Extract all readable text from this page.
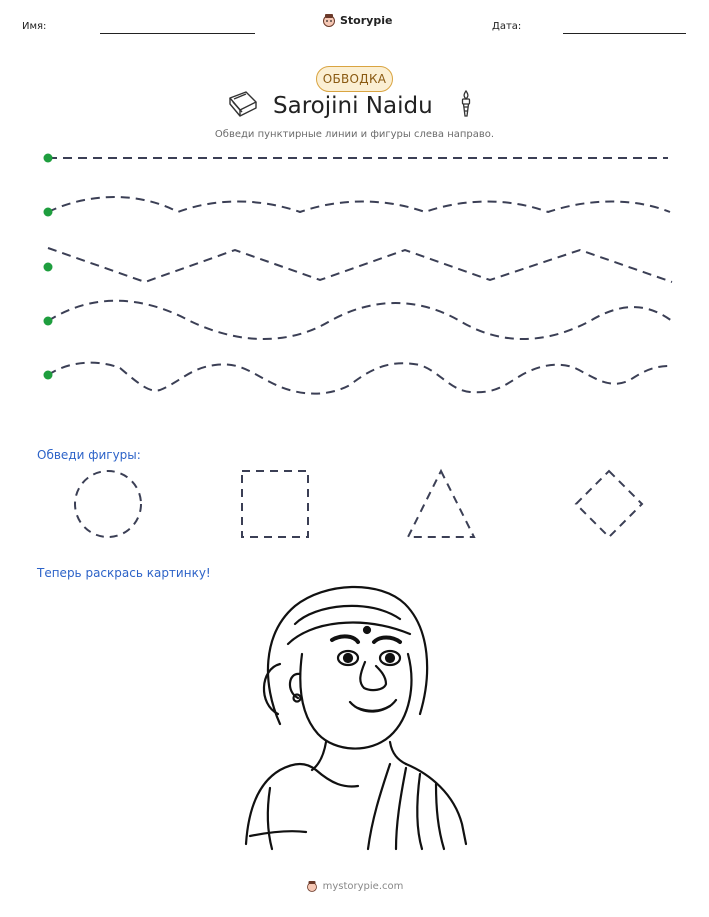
Имя:	Storypie	Дата:
ОБВОДКА
Sarojini Naidu
Обведи пунктирные линии и фигуры слева направо.
Обведи фигуры:
Теперь раскрась картинку!
mystorypie.com
